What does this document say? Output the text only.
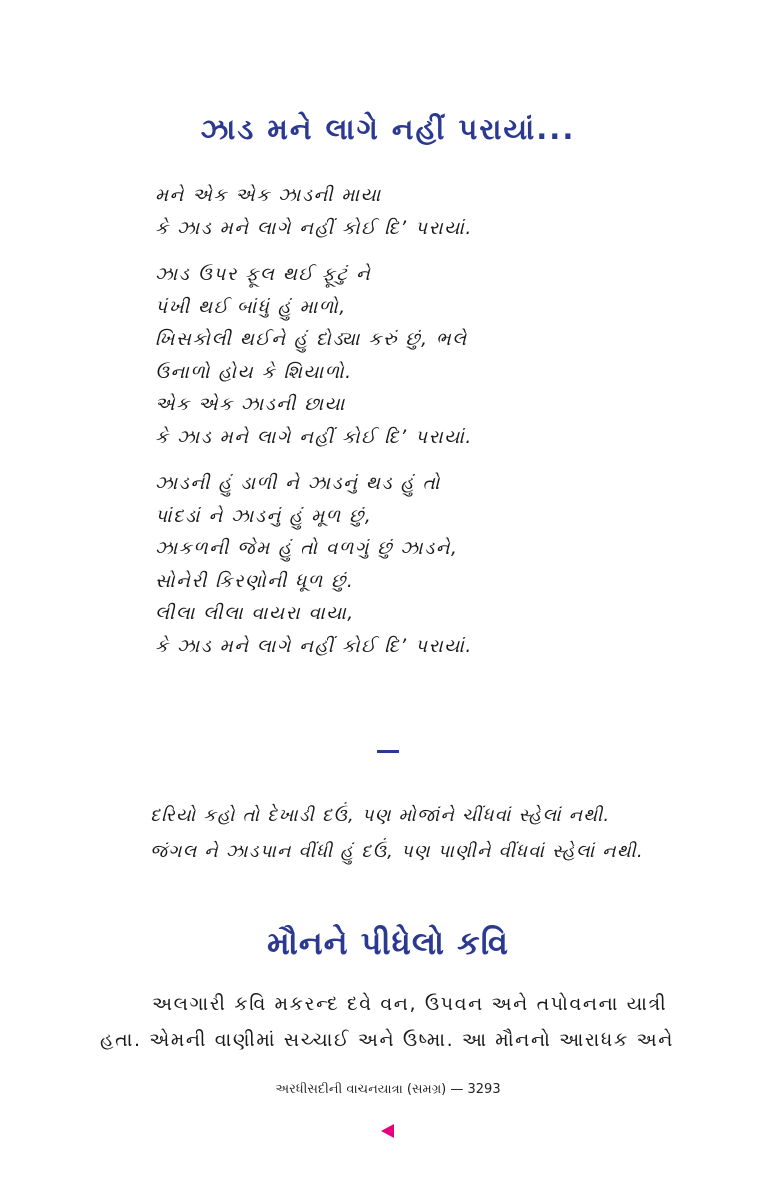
ઝાડ મને લાગે નહીં પરાયાં...
મને એક એક ઝાડની માયા
કે ઝાડ મને લાગે નહીં કોઈ દિ’ પરાયાં.
ઝાડ ઉપર ફૂલ થઈ ફૂટું ને
પંખી થઈ બાંધું હું માળો,
ખિસકોલી થઈને હું દોડ્યા કરું છું, ભલે
ઉનાળો હોય કે શિયાળો.
એક એક ઝાડની છાયા
કે ઝાડ મને લાગે નહીં કોઈ દિ’ પરાયાં.
ઝાડની હું ડાળી ને ઝાડનું થડ હું તો
પાંદડાં ને ઝાડનું હું મૂળ છું,
ઝાકળની જેમ હું તો વળગું છું ઝાડને,
સોનેરી કિરણોની ધૂળ છું.
લીલા લીલા વાયરા વાયા,
કે ઝાડ મને લાગે નહીં કોઈ દિ’ પરાયાં.
દરિયો કહો તો દેખાડી દઉં, પણ મોજાંને ચીંધવાં સ્હેલાં નથી.
જંગલ ને ઝાડપાન વીંધી હું દઉં, પણ પાણીને વીંધવાં સ્હેલાં નથી.
મૌનને પીધેલો કવિ

અલગારી કવિ મકરન્દ દવે વન, ઉપવન અને તપોવનના યાત્રી

હતા. એમની વાણીમાં સચ્ચાઈ અને ઉષ્મા. આ મૌનનો આરાધક અને

અરધીસદીની વાચનયાત્રા (સમગ્ર) — 3293
